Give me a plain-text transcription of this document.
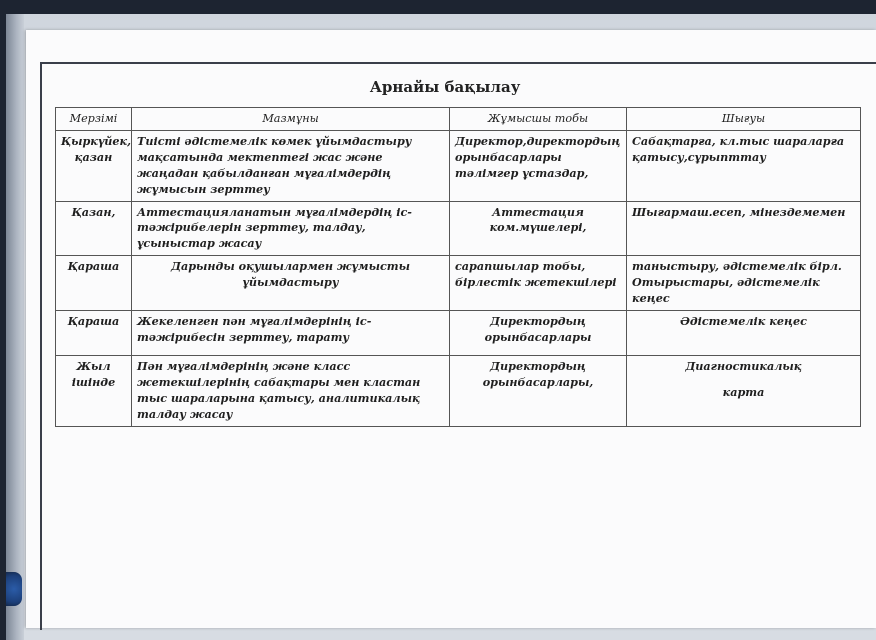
Арнайы бақылау
Мерзімі	Мазмұны	Жұмысшы тобы	Шығуы
Қыркүйек, қазан	Тиісті әдістемелік көмек ұйымдастыру мақсатында мектептегі жас және жаңадан қабылданған мұғалімдердің жұмысын зерттеу	Директор,директордың орынбасарлары тәлімгер ұстаздар,	Сабақтарға, кл.тыс шараларға қатысу,сұрыпттау
Қазан,	Аттестацияланатын мұғалімдердің іс-тәжірибелерін зерттеу, талдау, ұсыныстар жасау	Аттестация ком.мүшелері,	Шығармаш.есеп, мінездемемен
Қараша	Дарынды оқушылармен жұмысты ұйымдастыру	сарапшылар тобы, бірлестік жетекшілері	таныстыру, әдістемелік бірл. Отырыстары, әдістемелік кеңес
Қараша	Жекеленген пән мұғалімдерінің іс-тәжірибесін зерттеу, тарату	Директордың орынбасарлары	Әдістемелік кеңес
Жыл ішінде	Пән мұғалімдерінің және класс жетекшілерінің сабақтары мен кластан тыс шараларына қатысу, аналитикалық талдау жасау	Директордың орынбасарлары,	Диагностикалық
карта
